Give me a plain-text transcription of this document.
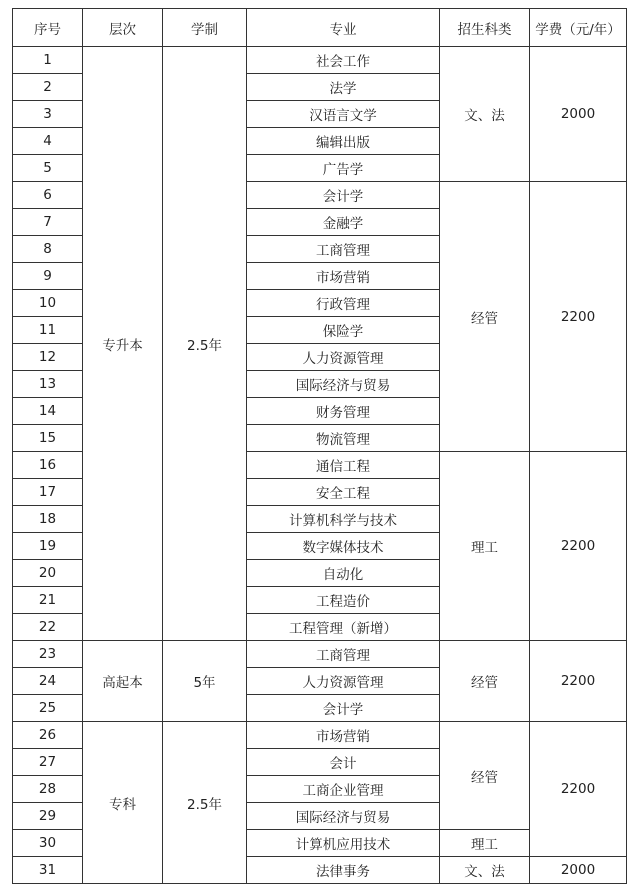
序号	层次	学制	专业	招生科类	学费（元/年）
1	专升本	2.5年	社会工作	文、法	2000
2			法学		
3			汉语言文学		
4			编辑出版		
5			广告学		
6			会计学	经管	2200
7			金融学		
8			工商管理		
9			市场营销		
10			行政管理		
11			保险学		
12			人力资源管理		
13			国际经济与贸易		
14			财务管理		
15			物流管理		
16			通信工程	理工	2200
17			安全工程		
18			计算机科学与技术		
19			数字媒体技术		
20			自动化		
21			工程造价		
22			工程管理（新增）		
23	高起本	5年	工商管理	经管	2200
24			人力资源管理		
25			会计学		
26	专科	2.5年	市场营销	经管	2200
27			会计		
28			工商企业管理		
29			国际经济与贸易		
30			计算机应用技术	理工	
31			法律事务	文、法	2000
